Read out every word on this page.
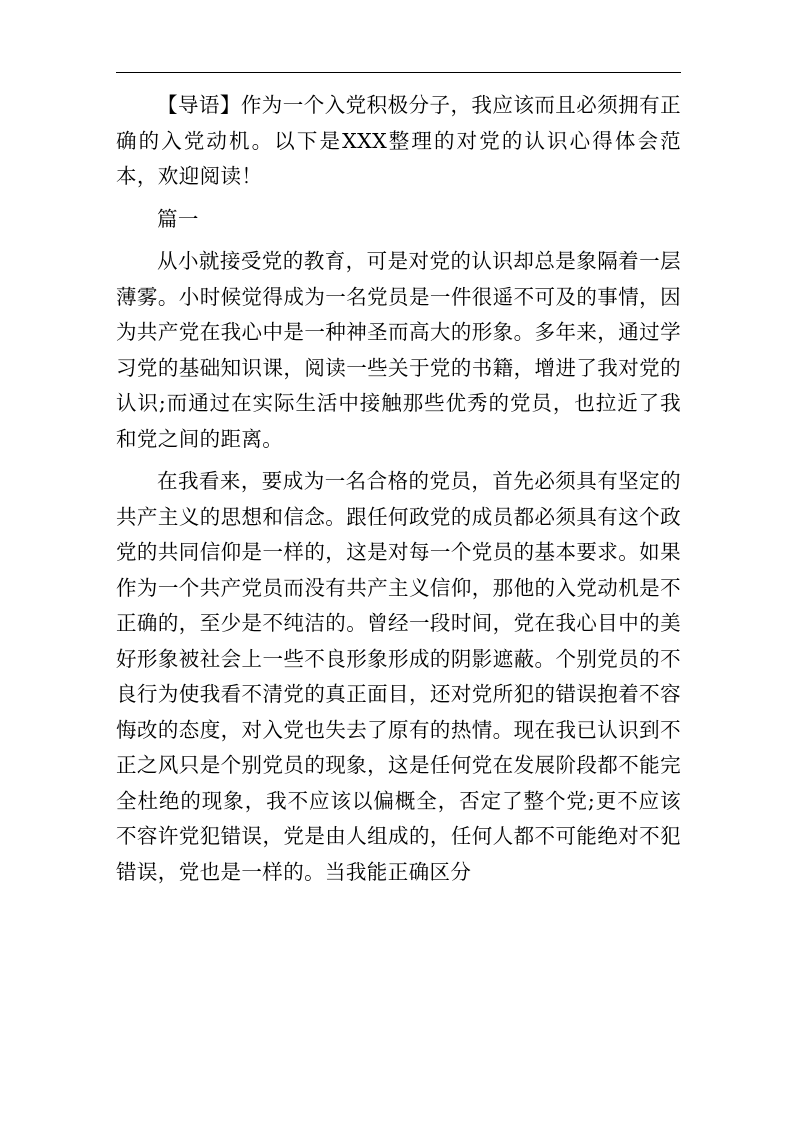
【导语】作为一个入党积极分子，我应该而且必须拥有正确的入党动机。以下是XXX整理的对党的认识心得体会范本，欢迎阅读！

篇一

从小就接受党的教育，可是对党的认识却总是象隔着一层薄雾。小时候觉得成为一名党员是一件很遥不可及的事情，因为共产党在我心中是一种神圣而高大的形象。多年来，通过学习党的基础知识课，阅读一些关于党的书籍，增进了我对党的认识;而通过在实际生活中接触那些优秀的党员，也拉近了我和党之间的距离。

在我看来，要成为一名合格的党员，首先必须具有坚定的共产主义的思想和信念。跟任何政党的成员都必须具有这个政党的共同信仰是一样的，这是对每一个党员的基本要求。如果作为一个共产党员而没有共产主义信仰，那他的入党动机是不正确的，至少是不纯洁的。曾经一段时间，党在我心目中的美好形象被社会上一些不良形象形成的阴影遮蔽。个别党员的不良行为使我看不清党的真正面目，还对党所犯的错误抱着不容悔改的态度，对入党也失去了原有的热情。现在我已认识到不正之风只是个别党员的现象，这是任何党在发展阶段都不能完全杜绝的现象，我不应该以偏概全，否定了整个党;更不应该不容许党犯错误，党是由人组成的，任何人都不可能绝对不犯错误，党也是一样的。当我能正确区分
